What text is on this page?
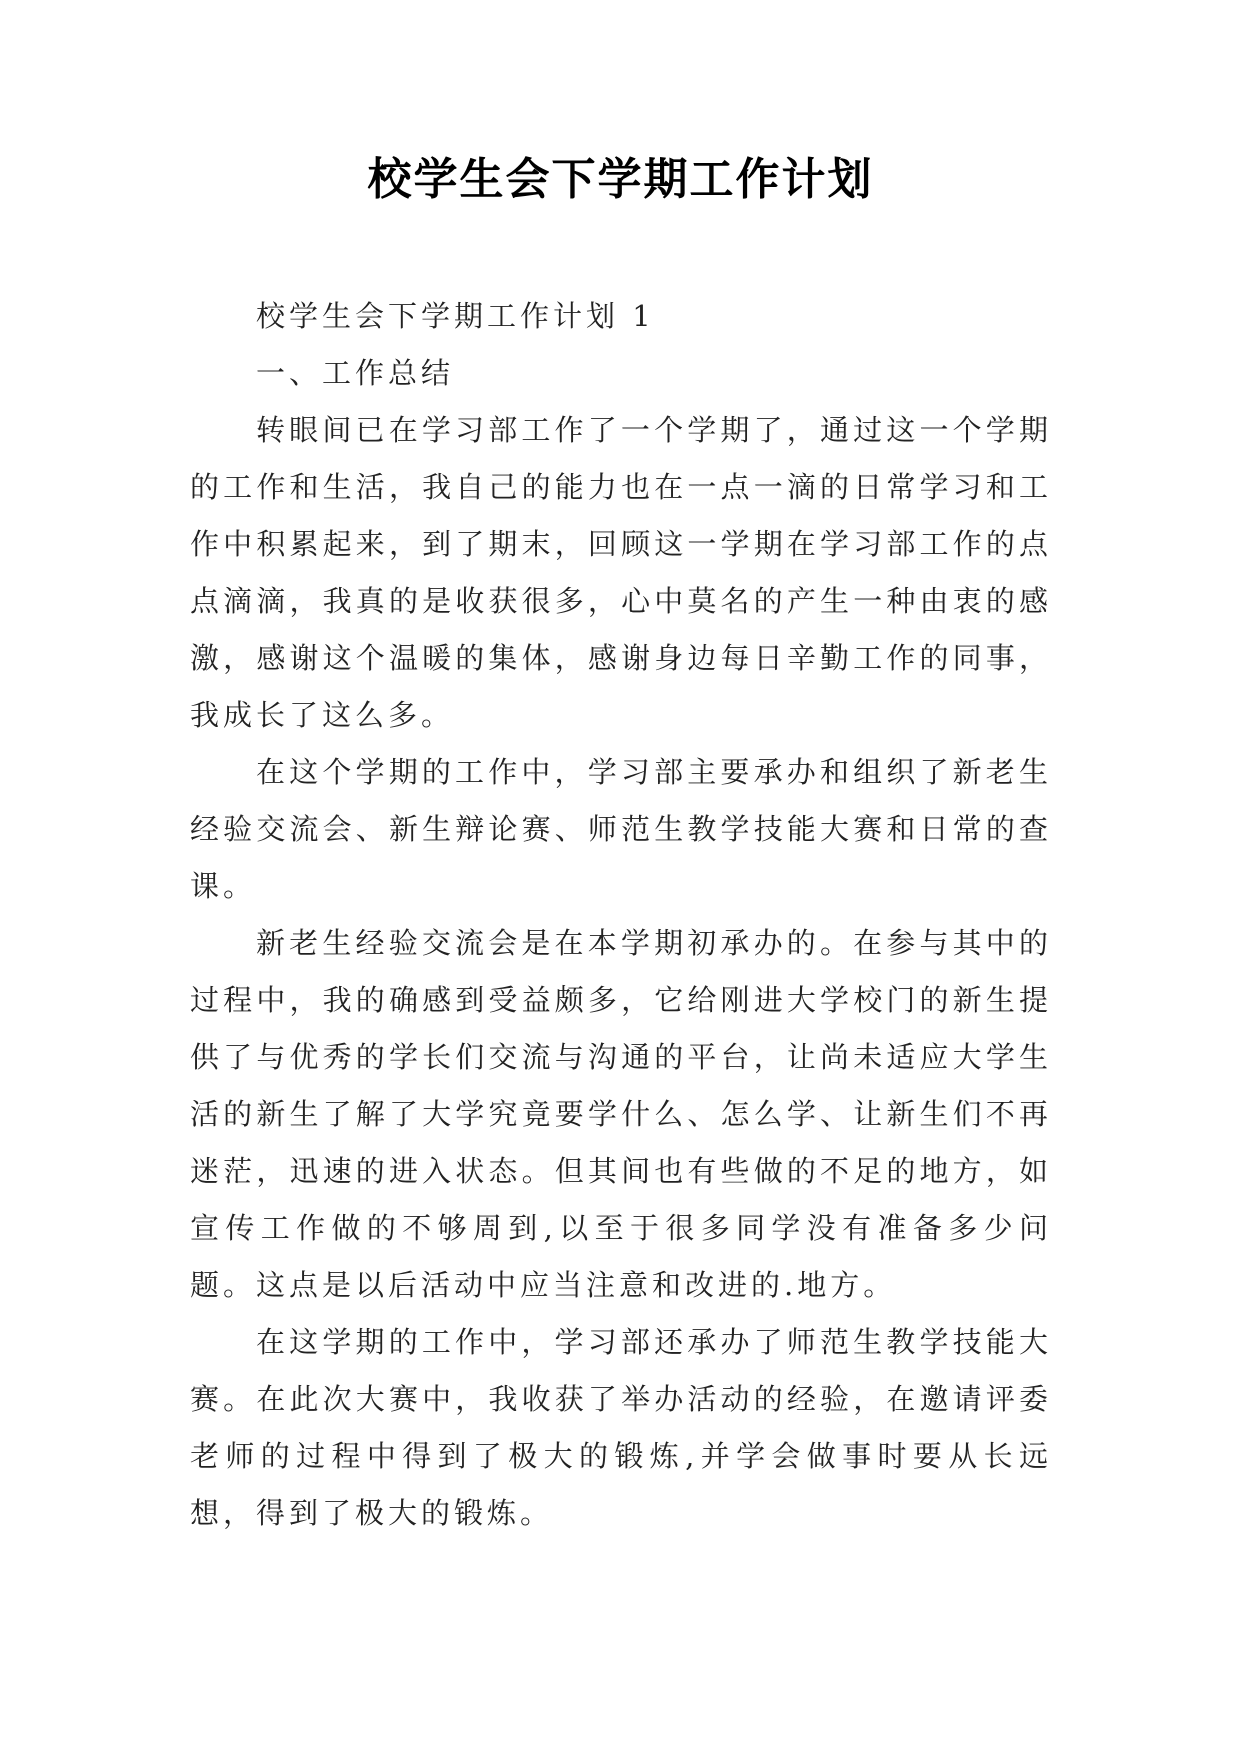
校学生会下学期工作计划

校学生会下学期工作计划 1

一、工作总结

转眼间已在学习部工作了一个学期了，通过这一个学期的工作和生活，我自己的能力也在一点一滴的日常学习和工作中积累起来，到了期末，回顾这一学期在学习部工作的点点滴滴，我真的是收获很多，心中莫名的产生一种由衷的感激，感谢这个温暖的集体，感谢身边每日辛勤工作的同事，我成长了这么多。

在这个学期的工作中，学习部主要承办和组织了新老生经验交流会、新生辩论赛、师范生教学技能大赛和日常的查课。

新老生经验交流会是在本学期初承办的。在参与其中的过程中，我的确感到受益颇多，它给刚进大学校门的新生提供了与优秀的学长们交流与沟通的平台，让尚未适应大学生活的新生了解了大学究竟要学什么、怎么学、让新生们不再迷茫，迅速的进入状态。但其间也有些做的不足的地方，如宣传工作做的不够周到,以至于很多同学没有准备多少问题。这点是以后活动中应当注意和改进的.地方。

在这学期的工作中，学习部还承办了师范生教学技能大赛。在此次大赛中，我收获了举办活动的经验，在邀请评委老师的过程中得到了极大的锻炼,并学会做事时要从长远想，得到了极大的锻炼。
